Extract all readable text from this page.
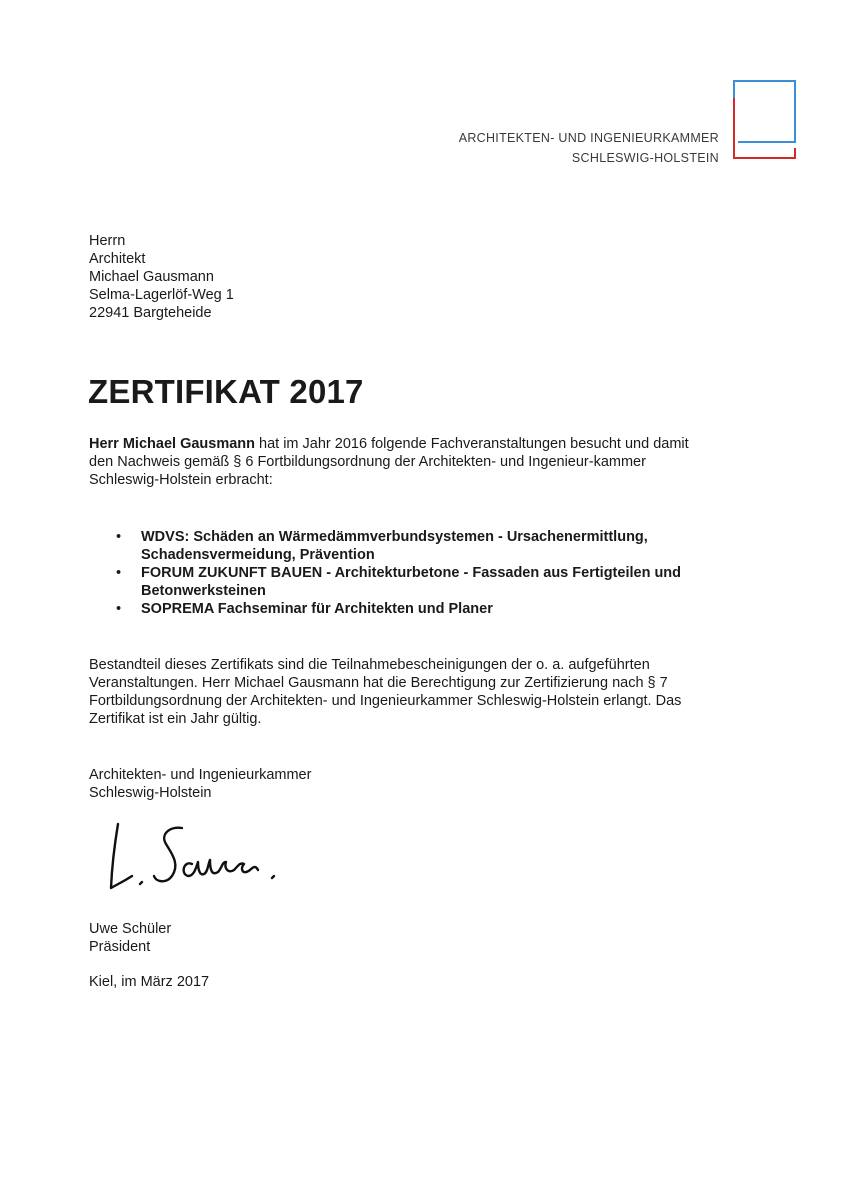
ARCHITEKTEN- UND INGENIEURKAMMER
SCHLESWIG-HOLSTEIN
Herrn
Architekt
Michael Gausmann
Selma-Lagerlöf-Weg 1
22941 Bargteheide
ZERTIFIKAT 2017

Herr Michael Gausmann hat im Jahr 2016 folgende Fachveranstaltungen besucht und damit den Nachweis gemäß § 6 Fortbildungsordnung der Architekten- und Ingenieur-kammer Schleswig-Holstein erbracht:

• WDVS: Schäden an Wärmedämmverbundsystemen - Ursachenermittlung, Schadensvermeidung, Prävention
• FORUM ZUKUNFT BAUEN - Architekturbetone - Fassaden aus Fertigteilen und Betonwerksteinen
• SOPREMA Fachseminar für Architekten und Planer

Bestandteil dieses Zertifikats sind die Teilnahmebescheinigungen der o. a. aufgeführten Veranstaltungen. Herr Michael Gausmann hat die Berechtigung zur Zertifizierung nach § 7 Fortbildungsordnung der Architekten- und Ingenieurkammer Schleswig-Holstein erlangt. Das Zertifikat ist ein Jahr gültig.

Architekten- und Ingenieurkammer
Schleswig-Holstein
Uwe Schüler
Präsident
Kiel, im März 2017
